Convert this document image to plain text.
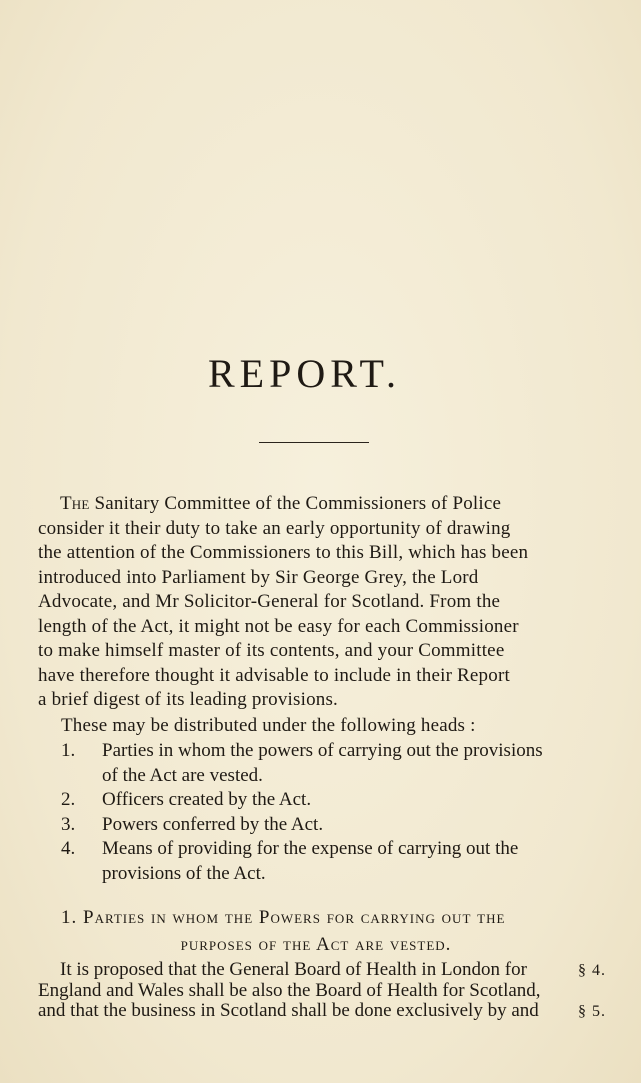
REPORT.
The Sanitary Committee of the Commissioners of Police
consider it their duty to take an early opportunity of drawing
the attention of the Commissioners to this Bill, which has been
introduced into Parliament by Sir George Grey, the Lord
Advocate, and Mr Solicitor-General for Scotland. From the
length of the Act, it might not be easy for each Commissioner
to make himself master of its contents, and your Committee
have therefore thought it advisable to include in their Report
a brief digest of its leading provisions.
These may be distributed under the following heads :
1. Parties in whom the powers of carrying out the provisions
of the Act are vested.
2. Officers created by the Act.
3. Powers conferred by the Act.
4. Means of providing for the expense of carrying out the
provisions of the Act.
1. Parties in whom the Powers for carrying out the
purposes of the Act are vested.
It is proposed that the General Board of Health in London for
England and Wales shall be also the Board of Health for Scotland,
and that the business in Scotland shall be done exclusively by and
§ 4.
§ 5.
